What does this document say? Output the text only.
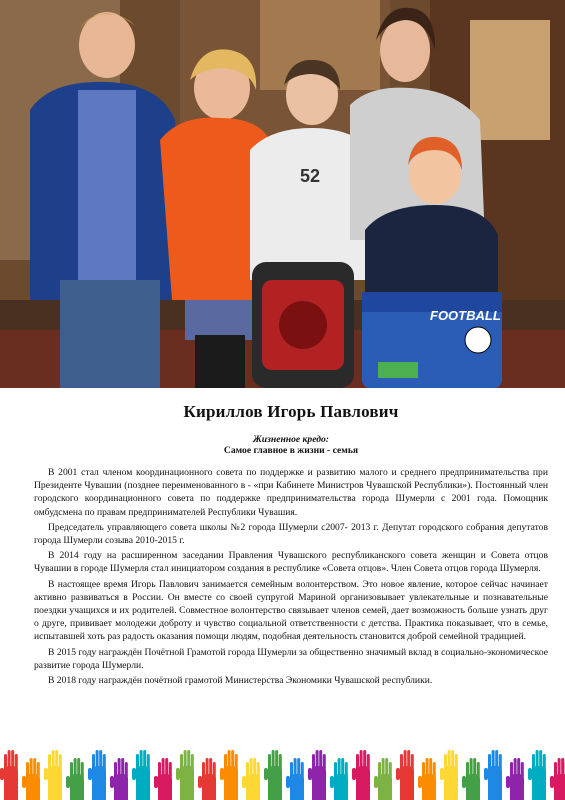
52
FOOTBALL
Кириллов Игорь Павлович

Жизненное кредо:

Самое главное в жизни - семья

В 2001 стал членом координационного совета по поддержке и развитию малого и среднего предпринимательства при Президенте Чувашии (позднее переименованного в - «при Кабинете Министров Чувашской Республики»). Постоянный член городского координационного совета по поддержке предпринимательства города Шумерли с 2001 года. Помощник омбудсмена по правам предпринимателей Республики Чувашия.

Председатель управляющего совета школы №2 города Шумерли с2007- 2013 г. Депутат городского собрания депутатов города Шумерли созыва 2010-2015 г.

В 2014 году на расширенном заседании Правления Чувашского республиканского совета женщин и Совета отцов Чувашии в городе Шумерля стал инициатором создания в республике «Совета отцов». Член Совета отцов города Шумерля.

В настоящее время Игорь Павлович занимается семейным волонтерством. Это новое явление, которое сейчас начинает активно развиваться в России. Он вместе со своей супругой Мариной организовывает увлекательные и познавательные поездки учащихся и их родителей. Совместное волонтерство связывает членов семей, дает возможность больше узнать друг о друге, прививает молодежи доброту и чувство социальной ответственности с детства. Практика показывает, что в семье, испытавшей хоть раз радость оказания помощи людям, подобная деятельность становится доброй семейной традицией.

В 2015 году награждён Почётной Грамотой города Шумерли за общественно значимый вклад в социально-экономическое развитие города Шумерли.

В 2018 году награждён почётной грамотой Министерства Экономики Чувашской республики.
